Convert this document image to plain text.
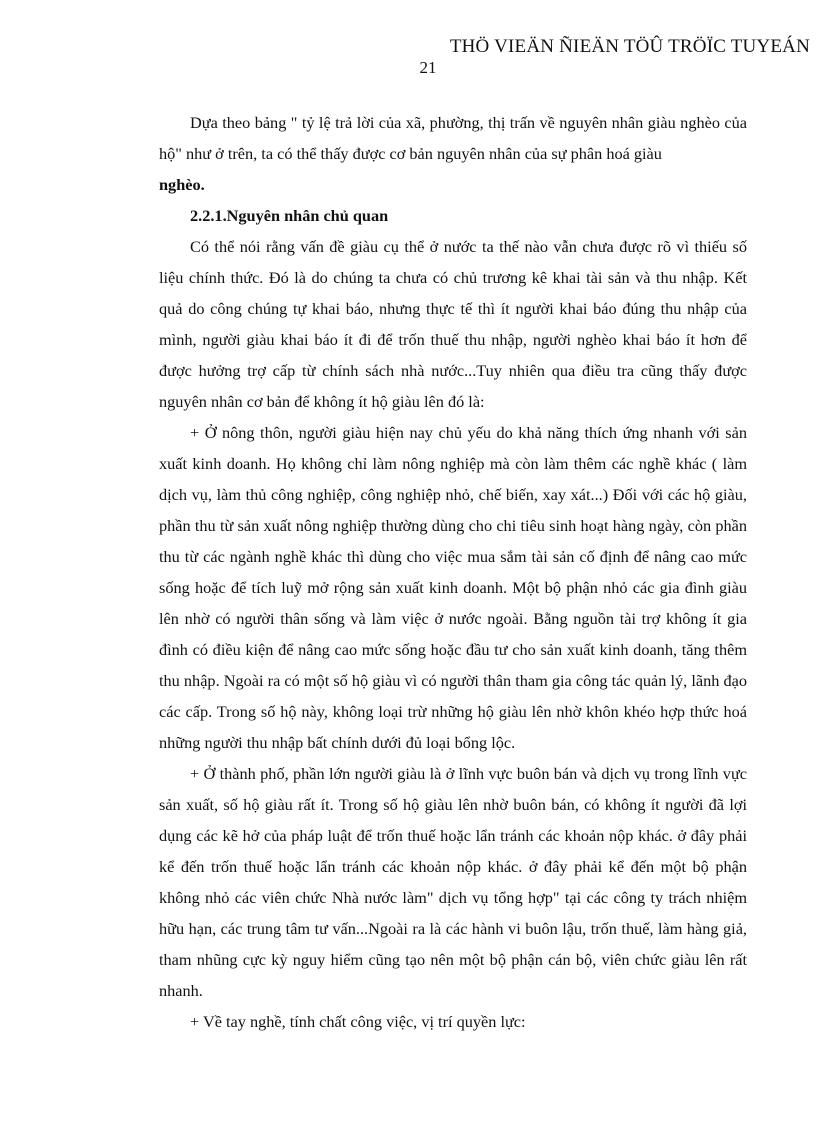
THÖ VIEÄN ÑIEÄN TÖÛ TRÖÏC TUYEÁN
21

Dựa theo bảng " tỷ lệ trả lời của xã, phường, thị trấn về nguyên nhân giàu nghèo của hộ" như ở trên, ta có thể thấy được cơ bản nguyên nhân của sự phân hoá giàu

nghèo.

2.2.1.Nguyên nhân chủ quan

Có thể nói rằng vấn đề giàu cụ thể ở nước ta thế nào vẫn chưa được rõ vì thiếu số liệu chính thức. Đó là do chúng ta chưa có chủ trương kê khai tài sản và thu nhập. Kết quả do công chúng tự khai báo, nhưng thực tế thì ít người khai báo đúng thu nhập của mình, người giàu khai báo ít đi để trốn thuế thu nhập, người nghèo khai báo ít hơn để được hưởng trợ cấp từ chính sách nhà nước...Tuy nhiên qua điều tra cũng thấy được nguyên nhân cơ bản để không ít hộ giàu lên đó là:

+ Ở nông thôn, người giàu hiện nay chủ yếu do khả năng thích ứng nhanh với sản xuất kinh doanh. Họ không chỉ làm nông nghiệp mà còn làm thêm các nghề khác ( làm dịch vụ, làm thủ công nghiệp, công nghiệp nhỏ, chế biến, xay xát...) Đối với các hộ giàu, phần thu từ sản xuất nông nghiệp thường dùng cho chi tiêu sinh hoạt hàng ngày, còn phần thu từ các ngành nghề khác thì dùng cho việc mua sắm tài sản cố định để nâng cao mức sống hoặc để tích luỹ mở rộng sản xuất kinh doanh. Một bộ phận nhỏ các gia đình giàu lên nhờ có người thân sống và làm việc ở nước ngoài. Bằng nguồn tài trợ không ít gia đình có điều kiện để nâng cao mức sống hoặc đầu tư cho sản xuất kinh doanh, tăng thêm thu nhập. Ngoài ra có một số hộ giàu vì có người thân tham gia công tác quản lý, lãnh đạo các cấp. Trong số hộ này, không loại trừ những hộ giàu lên nhờ khôn khéo hợp thức hoá những người thu nhập bất chính dưới đủ loại bổng lộc.

+ Ở thành phố, phần lớn người giàu là ở lĩnh vực buôn bán và dịch vụ trong lĩnh vực sản xuất, số hộ giàu rất ít. Trong số hộ giàu lên nhờ buôn bán, có không ít người đã lợi dụng các kẽ hở của pháp luật để trốn thuế hoặc lẩn tránh các khoản nộp khác. ở đây phải kể đến trốn thuế hoặc lẩn tránh các khoản nộp khác. ở đây phải kể đến một bộ phận không nhỏ các viên chức Nhà nước làm" dịch vụ tổng hợp" tại các công ty trách nhiệm hữu hạn, các trung tâm tư vấn...Ngoài ra là các hành vi buôn lậu, trốn thuế, làm hàng giả, tham nhũng cực kỳ nguy hiểm cũng tạo nên một bộ phận cán bộ, viên chức giàu lên rất nhanh.

+ Về tay nghề, tính chất công việc, vị trí quyền lực:
